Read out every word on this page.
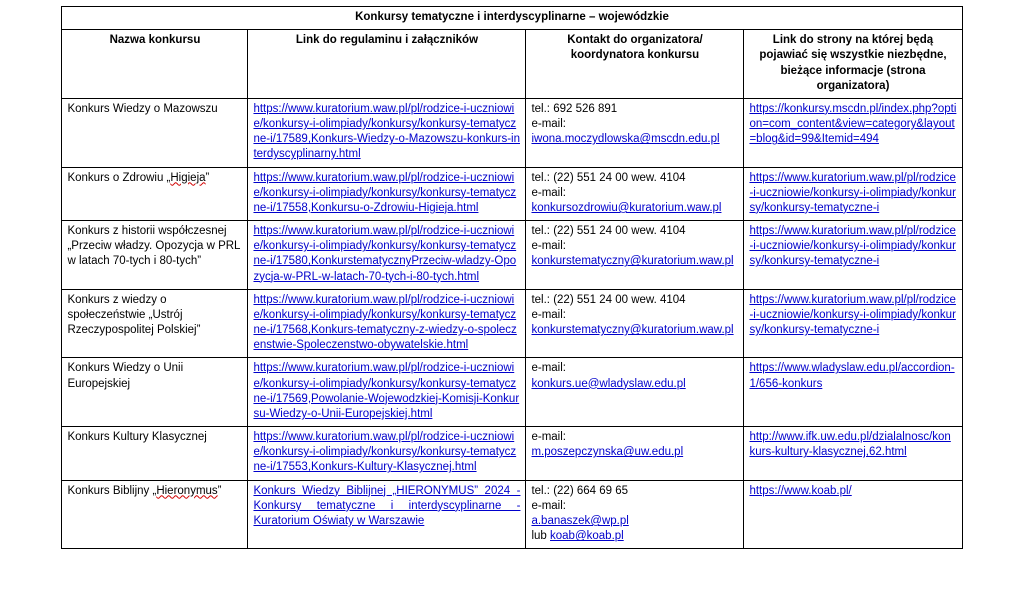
Konkursy tematyczne i interdyscyplinarne – wojewódzkie			
Nazwa konkursu	Link do regulaminu i załączników	Kontakt do organizatora/ koordynatora konkursu	Link do strony na której będą pojawiać się wszystkie niezbędne, bieżące informacje (strona organizatora)
Konkurs Wiedzy o Mazowszu	https://www.kuratorium.waw.pl/pl/rodzice-i-uczniowie/konkursy-i-olimpiady/konkursy/konkursy-tematyczne-i/17589,Konkurs-Wiedzy-o-Mazowszu-konkurs-interdyscyplinarny.html	tel.: 692 526 891
e-mail:
iwona.moczydlowska@mscdn.edu.pl	https://konkursy.mscdn.pl/index.php?option=com_content&view=category&layout=blog&id=99&Itemid=494
Konkurs o Zdrowiu „Higieja”	https://www.kuratorium.waw.pl/pl/rodzice-i-uczniowie/konkursy-i-olimpiady/konkursy/konkursy-tematyczne-i/17558,Konkursu-o-Zdrowiu-Higieja.html	tel.: (22) 551 24 00 wew. 4104
e-mail:
konkursozdrowiu@kuratorium.waw.pl	https://www.kuratorium.waw.pl/pl/rodzice-i-uczniowie/konkursy-i-olimpiady/konkursy/konkursy-tematyczne-i
Konkurs z historii współczesnej „Przeciw władzy. Opozycja w PRL w latach 70-tych i 80-tych”	https://www.kuratorium.waw.pl/pl/rodzice-i-uczniowie/konkursy-i-olimpiady/konkursy/konkursy-tematyczne-i/17580,KonkurstematycznyPrzeciw-wladzy-Opozycja-w-PRL-w-latach-70-tych-i-80-tych.html	tel.: (22) 551 24 00 wew. 4104
e-mail:
konkurstematyczny@kuratorium.waw.pl	https://www.kuratorium.waw.pl/pl/rodzice-i-uczniowie/konkursy-i-olimpiady/konkursy/konkursy-tematyczne-i
Konkurs z wiedzy o społeczeństwie „Ustrój Rzeczypospolitej Polskiej”	https://www.kuratorium.waw.pl/pl/rodzice-i-uczniowie/konkursy-i-olimpiady/konkursy/konkursy-tematyczne-i/17568,Konkurs-tematyczny-z-wiedzy-o-spoleczenstwie-Spoleczenstwo-obywatelskie.html	tel.: (22) 551 24 00 wew. 4104
e-mail:
konkurstematyczny@kuratorium.waw.pl	https://www.kuratorium.waw.pl/pl/rodzice-i-uczniowie/konkursy-i-olimpiady/konkursy/konkursy-tematyczne-i
Konkurs Wiedzy o Unii Europejskiej	https://www.kuratorium.waw.pl/pl/rodzice-i-uczniowie/konkursy-i-olimpiady/konkursy/konkursy-tematyczne-i/17569,Powolanie-Wojewodzkiej-Komisji-Konkursu-Wiedzy-o-Unii-Europejskiej.html	e-mail:
konkurs.ue@wladyslaw.edu.pl	https://www.wladyslaw.edu.pl/accordion-1/656-konkurs
Konkurs Kultury Klasycznej	https://www.kuratorium.waw.pl/pl/rodzice-i-uczniowie/konkursy-i-olimpiady/konkursy/konkursy-tematyczne-i/17553,Konkurs-Kultury-Klasycznej.html	e-mail:
m.poszepczynska@uw.edu.pl	http://www.ifk.uw.edu.pl/dzialalnosc/konkurs-kultury-klasycznej,62.html
Konkurs Biblijny „Hieronymus”	Konkurs Wiedzy Biblijnej „HIERONYMUS” 2024 - Konkursy tematyczne i interdyscyplinarne - Kuratorium Oświaty w Warszawie	tel.: (22) 664 69 65
e-mail:
a.banaszek@wp.pl
lub koab@koab.pl	https://www.koab.pl/
